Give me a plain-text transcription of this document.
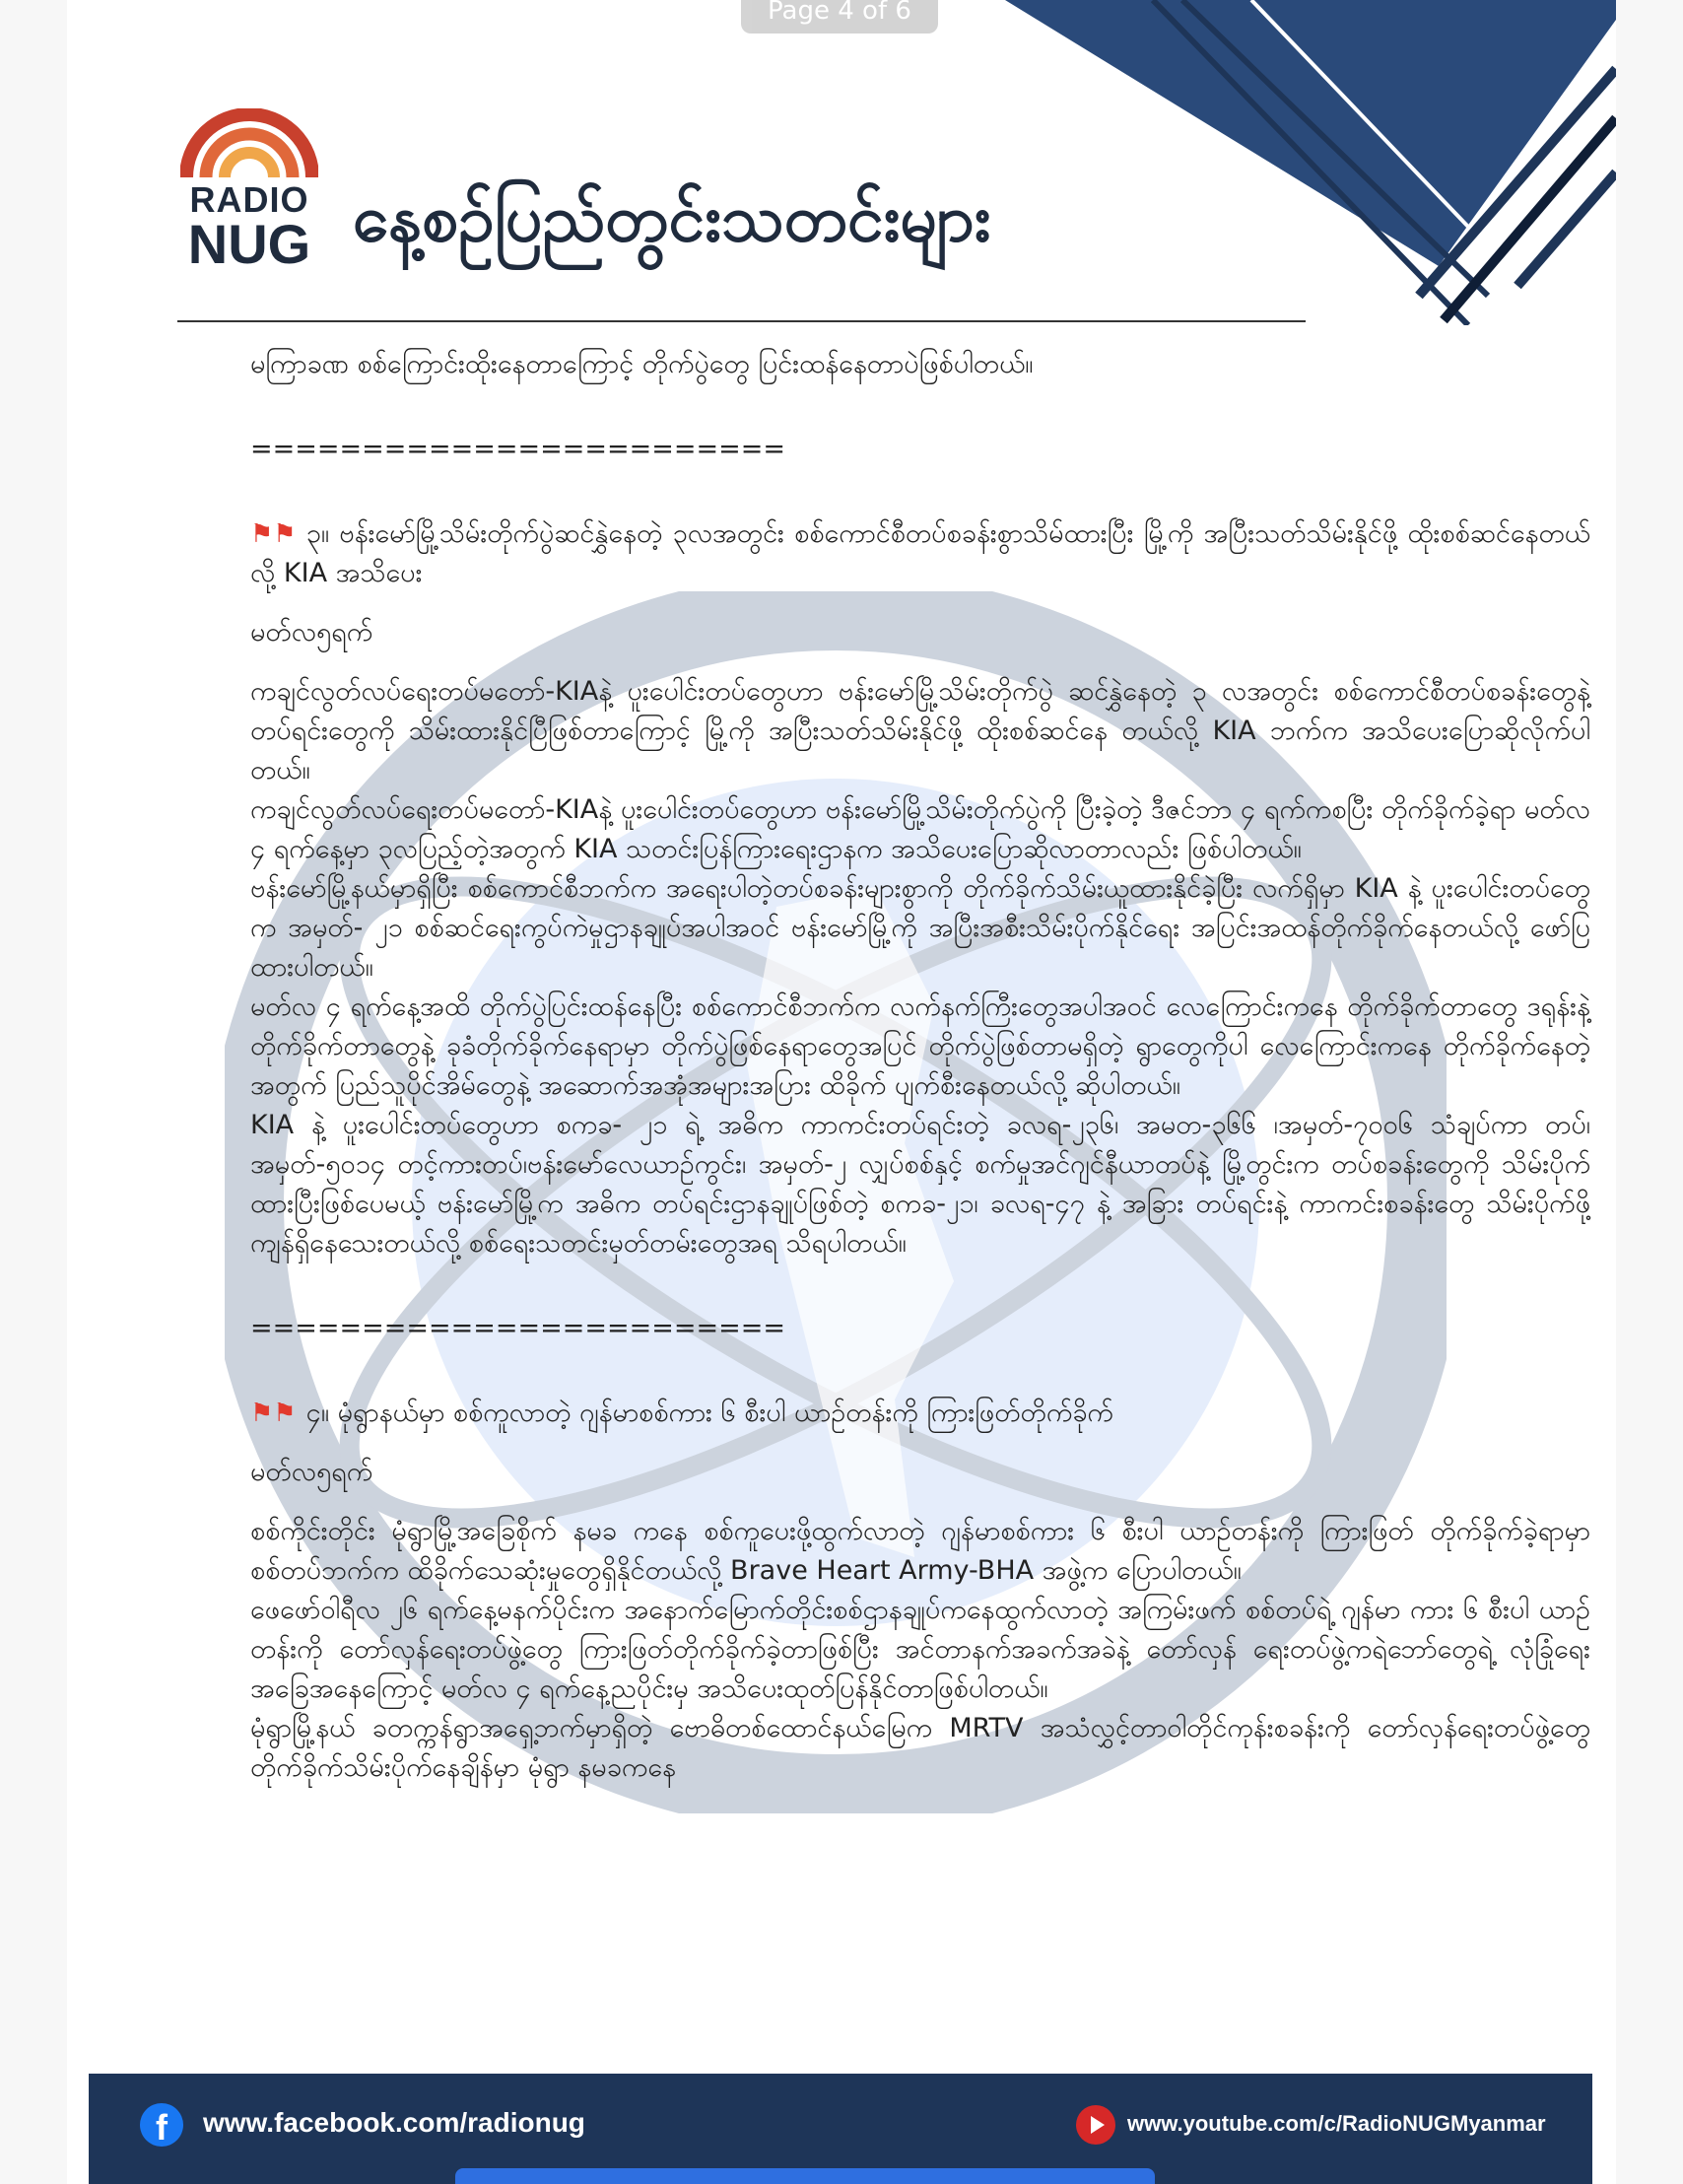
RADIO
NUG နေ့စဉ်ပြည်တွင်းသတင်းများ

မကြာခဏ စစ်ကြောင်းထိုးနေတာကြောင့် တိုက်ပွဲတွေ ပြင်းထန်နေတာပဲဖြစ်ပါတယ်။

========================

⚑⚑ ၃။ ဗန်းမော်မြို့သိမ်းတိုက်ပွဲဆင်နွှဲနေတဲ့ ၃လအတွင်း စစ်ကောင်စီတပ်စခန်းစွာသိမ်ထားပြီး မြို့ကို အပြီးသတ်သိမ်းနိုင်ဖို့ ထိုးစစ်ဆင်နေတယ်လို့ KIA အသိပေး

မတ်လ၅ရက်

ကချင်လွတ်လပ်ရေးတပ်မတော်-KIAနဲ့ ပူးပေါင်းတပ်တွေဟာ ဗန်းမော်မြို့သိမ်းတိုက်ပွဲ ဆင်နွှဲနေတဲ့ ၃ လအတွင်း စစ်ကောင်စီတပ်စခန်းတွေနဲ့ တပ်ရင်းတွေကို သိမ်းထားနိုင်ပြီဖြစ်တာကြောင့် မြို့ကို အပြီးသတ်သိမ်းနိုင်ဖို့ ထိုးစစ်ဆင်နေ တယ်လို့ KIA ဘက်က အသိပေးပြောဆိုလိုက်ပါတယ်။

ကချင်လွတ်လပ်ရေးတပ်မတော်-KIAနဲ့ ပူးပေါင်းတပ်တွေဟာ ဗန်းမော်မြို့သိမ်းတိုက်ပွဲကို ပြီးခဲ့တဲ့ ဒီဇင်ဘာ ၄ ရက်ကစပြီး တိုက်ခိုက်ခဲ့ရာ မတ်လ ၄ ရက်နေ့မှာ ၃လပြည့်တဲ့အတွက် KIA သတင်းပြန်ကြားရေးဌာနက အသိပေးပြောဆိုလာတာလည်း ဖြစ်ပါတယ်။

ဗန်းမော်မြို့နယ်မှာရှိပြီး စစ်ကောင်စီဘက်က အရေးပါတဲ့တပ်စခန်းများစွာကို တိုက်ခိုက်သိမ်းယူထားနိုင်ခဲ့ပြီး လက်ရှိမှာ KIA နဲ့ ပူးပေါင်းတပ်တွေက အမှတ်- ၂၁ စစ်ဆင်ရေးကွပ်ကဲမှုဌာနချုပ်အပါအဝင် ဗန်းမော်မြို့ကို အပြီးအစီးသိမ်းပိုက်နိုင်ရေး အပြင်းအထန်တိုက်ခိုက်နေတယ်လို့ ဖော်ပြထားပါတယ်။

မတ်လ ၄ ရက်နေ့အထိ တိုက်ပွဲပြင်းထန်နေပြီး စစ်ကောင်စီဘက်က လက်နက်ကြီးတွေအပါအဝင် လေကြောင်းကနေ တိုက်ခိုက်တာတွေ ဒရုန်းနဲ့တိုက်ခိုက်တာတွေနဲ့ ခုခံတိုက်ခိုက်နေရာမှာ တိုက်ပွဲဖြစ်နေရာတွေအပြင် တိုက်ပွဲဖြစ်တာမရှိတဲ့ ရွာတွေကိုပါ လေကြောင်းကနေ တိုက်ခိုက်နေတဲ့အတွက် ပြည်သူပိုင်အိမ်တွေနဲ့ အဆောက်အအုံအများအပြား ထိခိုက် ပျက်စီးနေတယ်လို့ ဆိုပါတယ်။

KIA နဲ့ ပူးပေါင်းတပ်တွေဟာ စကခ- ၂၁ ရဲ့ အဓိက ကာကင်းတပ်ရင်းတဲ့ ခလရ-၂၃၆၊ အမတ-၃၆၆ ၊အမှတ်-၇၀၀၆ သံချပ်ကာ တပ်၊အမှတ်-၅၀၁၄ တင့်ကားတပ်၊ဗန်းမော်လေယာဉ်ကွင်း၊ အမှတ်-၂ လျှပ်စစ်နှင့် စက်မှုအင်ဂျင်နီယာတပ်နဲ့ မြို့တွင်းက တပ်စခန်းတွေကို သိမ်းပိုက်ထားပြီးဖြစ်ပေမယ့် ဗန်းမော်မြို့က အဓိက တပ်ရင်းဌာနချုပ်ဖြစ်တဲ့ စကခ-၂၁၊ ခလရ-၄၇ နဲ့ အခြား တပ်ရင်းနဲ့ ကာကင်းစခန်းတွေ သိမ်းပိုက်ဖို့ ကျန်ရှိနေသေးတယ်လို့ စစ်ရေးသတင်းမှတ်တမ်းတွေအရ သိရပါတယ်။

========================

⚑⚑ ၄။ မုံရွာနယ်မှာ စစ်ကူလာတဲ့ ဂျန်မာစစ်ကား ၆ စီးပါ ယာဉ်တန်းကို ကြားဖြတ်တိုက်ခိုက်

မတ်လ၅ရက်

စစ်ကိုင်းတိုင်း မုံရွာမြို့အခြေစိုက် နမခ ကနေ စစ်ကူပေးဖို့ထွက်လာတဲ့ ဂျန်မာစစ်ကား ၆ စီးပါ ယာဉ်တန်းကို ကြားဖြတ် တိုက်ခိုက်ခဲ့ရာမှာ စစ်တပ်ဘက်က ထိခိုက်သေဆုံးမှုတွေရှိနိုင်တယ်လို့ Brave Heart Army-BHA အဖွဲ့က ပြောပါတယ်။

ဖေဖော်ဝါရီလ ၂၆ ရက်နေ့မနက်ပိုင်းက အနောက်မြောက်တိုင်းစစ်ဌာနချုပ်ကနေထွက်လာတဲ့ အကြမ်းဖက် စစ်တပ်ရဲ့ ဂျန်မာ ကား ၆ စီးပါ ယာဉ်တန်းကို တော်လှန်ရေးတပ်ဖွဲ့တွေ ကြားဖြတ်တိုက်ခိုက်ခဲ့တာဖြစ်ပြီး အင်တာနက်အခက်အခဲနဲ့ တော်လှန် ရေးတပ်ဖွဲ့ကရဲဘော်တွေရဲ့ လုံခြုံရေးအခြေအနေကြောင့် မတ်လ ၄ ရက်နေ့ညပိုင်းမှ အသိပေးထုတ်ပြန်နိုင်တာဖြစ်ပါတယ်။

မုံရွာမြို့နယ် ခတက္ကန်ရွာအရှေ့ဘက်မှာရှိတဲ့ ဗောဓိတစ်ထောင်နယ်မြေက MRTV အသံလွှင့်တာဝါတိုင်ကုန်းစခန်းကို တော်လှန်ရေးတပ်ဖွဲ့တွေ တိုက်ခိုက်သိမ်းပိုက်နေချိန်မှာ မုံရွာ နမခကနေ

Page 4 of 6
f	www.facebook.com/radionug	www.youtube.com/c/RadioNUGMyanmar
